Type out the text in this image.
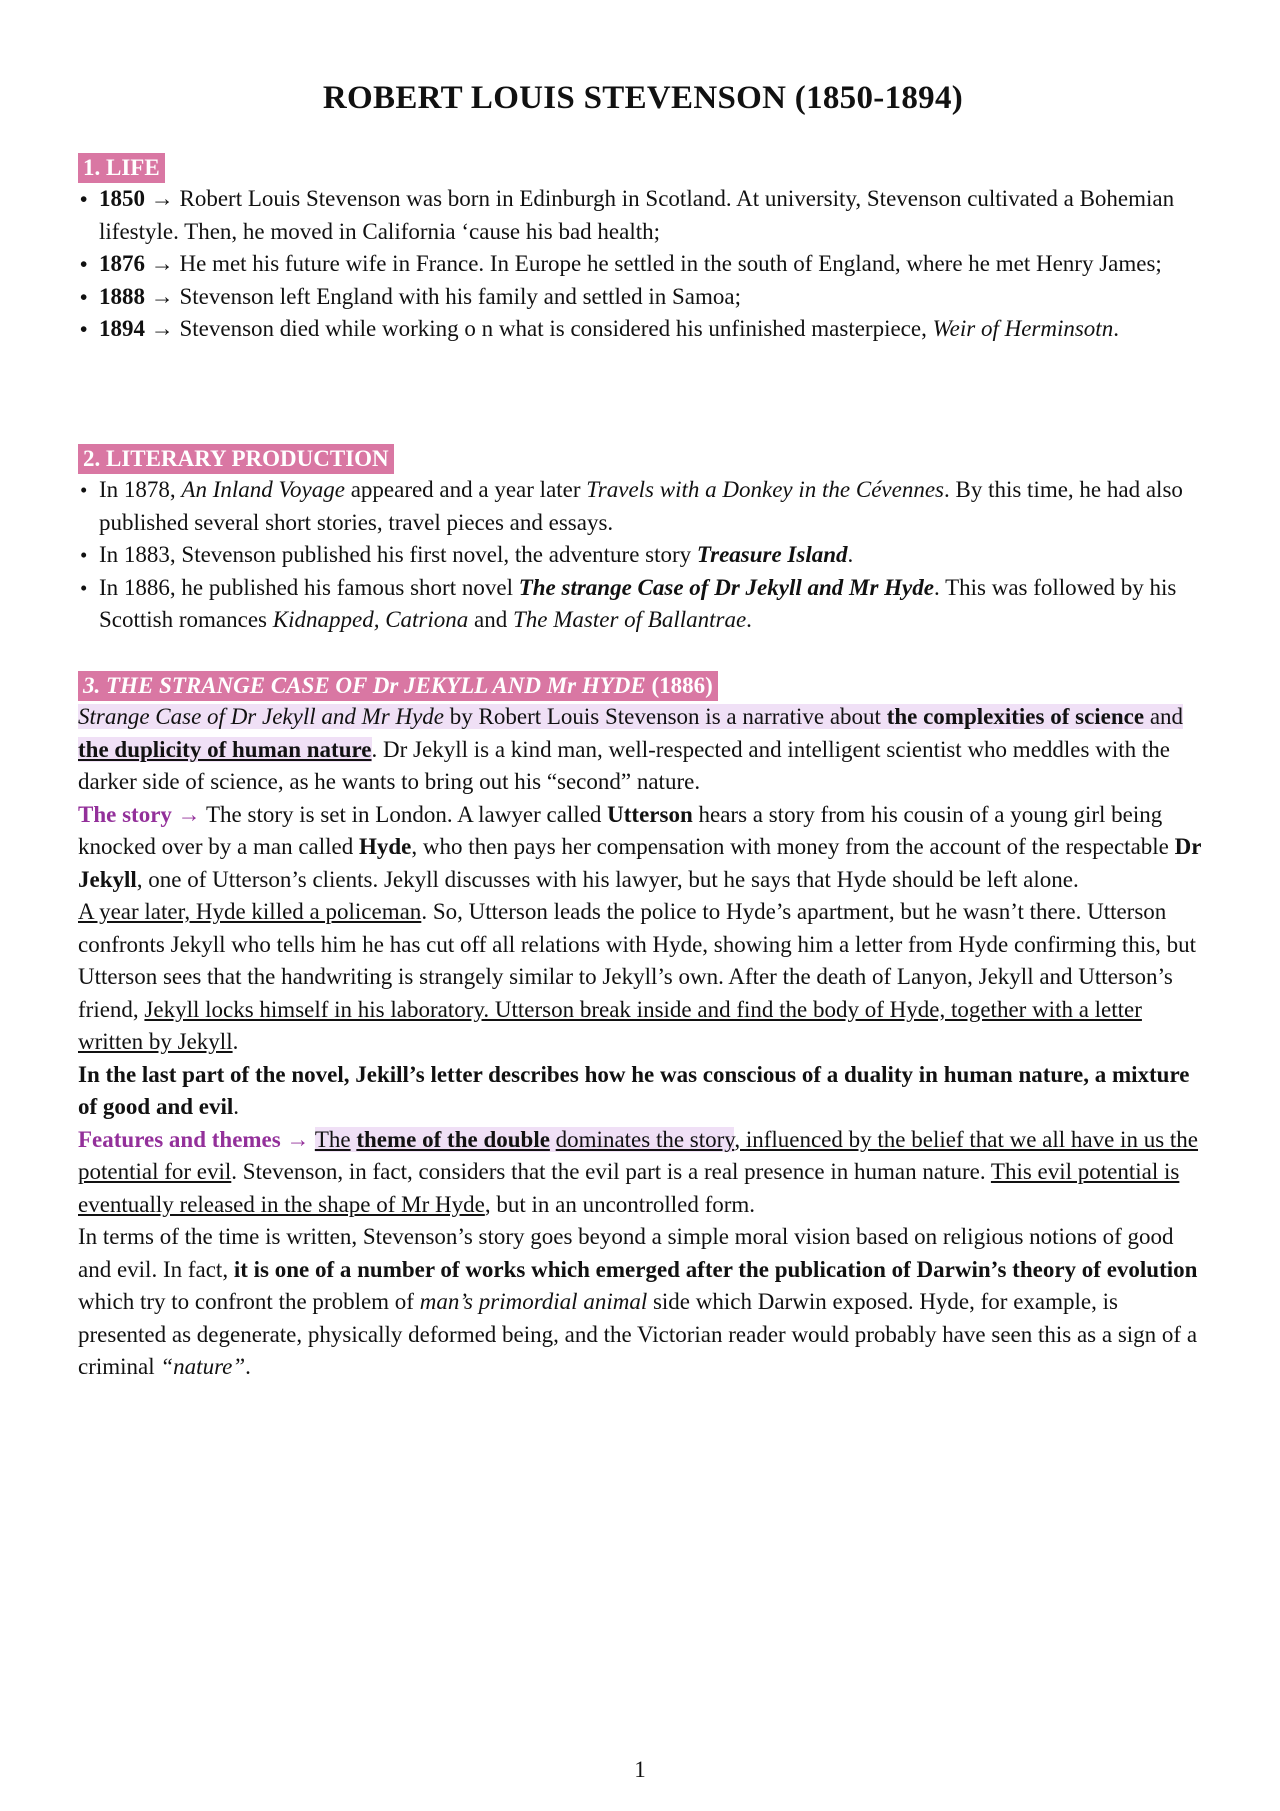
ROBERT LOUIS STEVENSON (1850-1894)
1. LIFE
• 1850 → Robert Louis Stevenson was born in Edinburgh in Scotland. At university, Stevenson cultivated a Bohemian lifestyle. Then, he moved in California ‘cause his bad health;
• 1876 → He met his future wife in France. In Europe he settled in the south of England, where he met Henry James;
• 1888 → Stevenson left England with his family and settled in Samoa;
• 1894 → Stevenson died while working o n what is considered his unfinished masterpiece, Weir of Herminsotn.
2. LITERARY PRODUCTION
• In 1878, An Inland Voyage appeared and a year later Travels with a Donkey in the Cévennes. By this time, he had also published several short stories, travel pieces and essays.
• In 1883, Stevenson published his first novel, the adventure story Treasure Island.
• In 1886, he published his famous short novel The strange Case of Dr Jekyll and Mr Hyde. This was followed by his Scottish romances Kidnapped, Catriona and The Master of Ballantrae.
3. THE STRANGE CASE OF Dr JEKYLL AND Mr HYDE (1886)

Strange Case of Dr Jekyll and Mr Hyde by Robert Louis Stevenson is a narrative about the complexities of science and the duplicity of human nature. Dr Jekyll is a kind man, well-respected and intelligent scientist who meddles with the darker side of science, as he wants to bring out his “second” nature.

The story → The story is set in London. A lawyer called Utterson hears a story from his cousin of a young girl being knocked over by a man called Hyde, who then pays her compensation with money from the account of the respectable Dr Jekyll, one of Utterson’s clients. Jekyll discusses with his lawyer, but he says that Hyde should be left alone.

A year later, Hyde killed a policeman. So, Utterson leads the police to Hyde’s apartment, but he wasn’t there. Utterson confronts Jekyll who tells him he has cut off all relations with Hyde, showing him a letter from Hyde confirming this, but Utterson sees that the handwriting is strangely similar to Jekyll’s own. After the death of Lanyon, Jekyll and Utterson’s friend, Jekyll locks himself in his laboratory. Utterson break inside and find the body of Hyde, together with a letter written by Jekyll.

In the last part of the novel, Jekill’s letter describes how he was conscious of a duality in human nature, a mixture of good and evil.

Features and themes → The theme of the double dominates the story, influenced by the belief that we all have in us the potential for evil. Stevenson, in fact, considers that the evil part is a real presence in human nature. This evil potential is eventually released in the shape of Mr Hyde, but in an uncontrolled form.

In terms of the time is written, Stevenson’s story goes beyond a simple moral vision based on religious notions of good and evil. In fact, it is one of a number of works which emerged after the publication of Darwin’s theory of evolution which try to confront the problem of man’s primordial animal side which Darwin exposed. Hyde, for example, is presented as degenerate, physically deformed being, and the Victorian reader would probably have seen this as a sign of a criminal “nature”.

1
